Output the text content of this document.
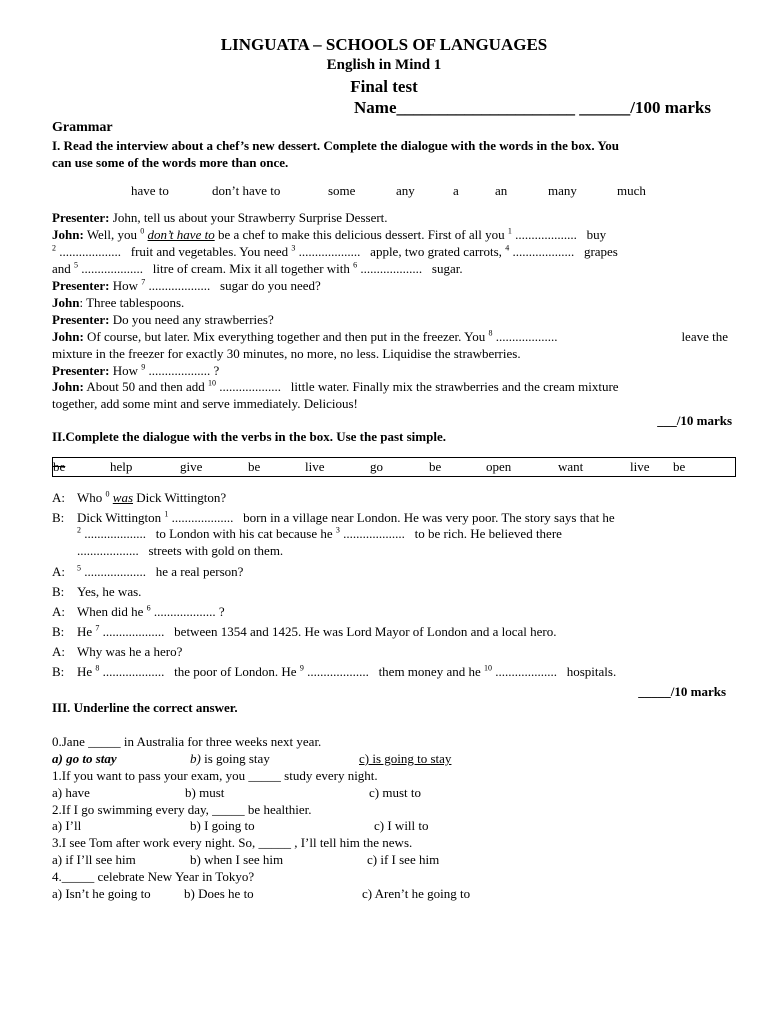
LINGUATA – SCHOOLS OF LANGUAGES
English in Mind 1
Final test
Name_____________________ ______/100 marks
Grammar
I. Read the interview about a chef’s new dessert. Complete the dialogue with the words in the box. You
can use some of the words more than once.
have to	don’t have to	some	any	a	an	many	much
Presenter: John, tell us about your Strawberry Surprise Dessert.
John: Well, you $^0$ don’t have to be a chef to make this delicious dessert. First of all you $^1$ ................... buy
$^2$ ................... fruit and vegetables. You need $^3$ ................... apple, two grated carrots, $^4$ ................... grapes
and $^5$ ................... litre of cream. Mix it all together with $^6$ ................... sugar.
Presenter: How $^7$ ................... sugar do you need?
John: Three tablespoons.
Presenter: Do you need any strawberries?
John: Of course, but later. Mix everything together and then put in the freezer. You $^8$ ...................	leave the
mixture in the freezer for exactly 30 minutes, no more, no less. Liquidise the strawberries.
Presenter: How $^9$ ................... ?
John: About 50 and then add $^{10}$ ................... little water. Finally mix the strawberries and the cream mixture
together, add some mint and serve immediately. Delicious!
___/10 marks
II.Complete the dialogue with the verbs in the box. Use the past simple.
be	help	give	be	live	go	be	open	want	live be
A: Who $^0$ was Dick Wittington?
B: Dick Wittington $^1$ ................... born in a village near London. He was very poor. The story says that he
$^2$ ................... to London with his cat because he $^3$ ................... to be rich. He believed there
................... streets with gold on them.
A: $^5$ ................... he a real person?
B: Yes, he was.
A: When did he $^6$ ................... ?
B: He $^7$ ................... between 1354 and 1425. He was Lord Mayor of London and a local hero.
A: Why was he a hero?
B: He $^8$ ................... the poor of London. He $^9$ ................... them money and he $^{10}$ ................... hospitals.
_____/10 marks
III. Underline the correct answer.
0.Jane _____ in Australia for three weeks next year.
a) go to stay	b) is going stay	c) is going to stay
1.If you want to pass your exam, you _____ study every night.
a) have	b) must	c) must to
2.If I go swimming every day, _____ be healthier.
a) I’ll	b) I going to	c) I will to
3.I see Tom after work every night. So, _____ , I’ll tell him the news.
a) if I’ll see him	b) when I see him	c) if I see him
4._____ celebrate New Year in Tokyo?
a) Isn’t he going to	b) Does he to	c) Aren’t he going to
